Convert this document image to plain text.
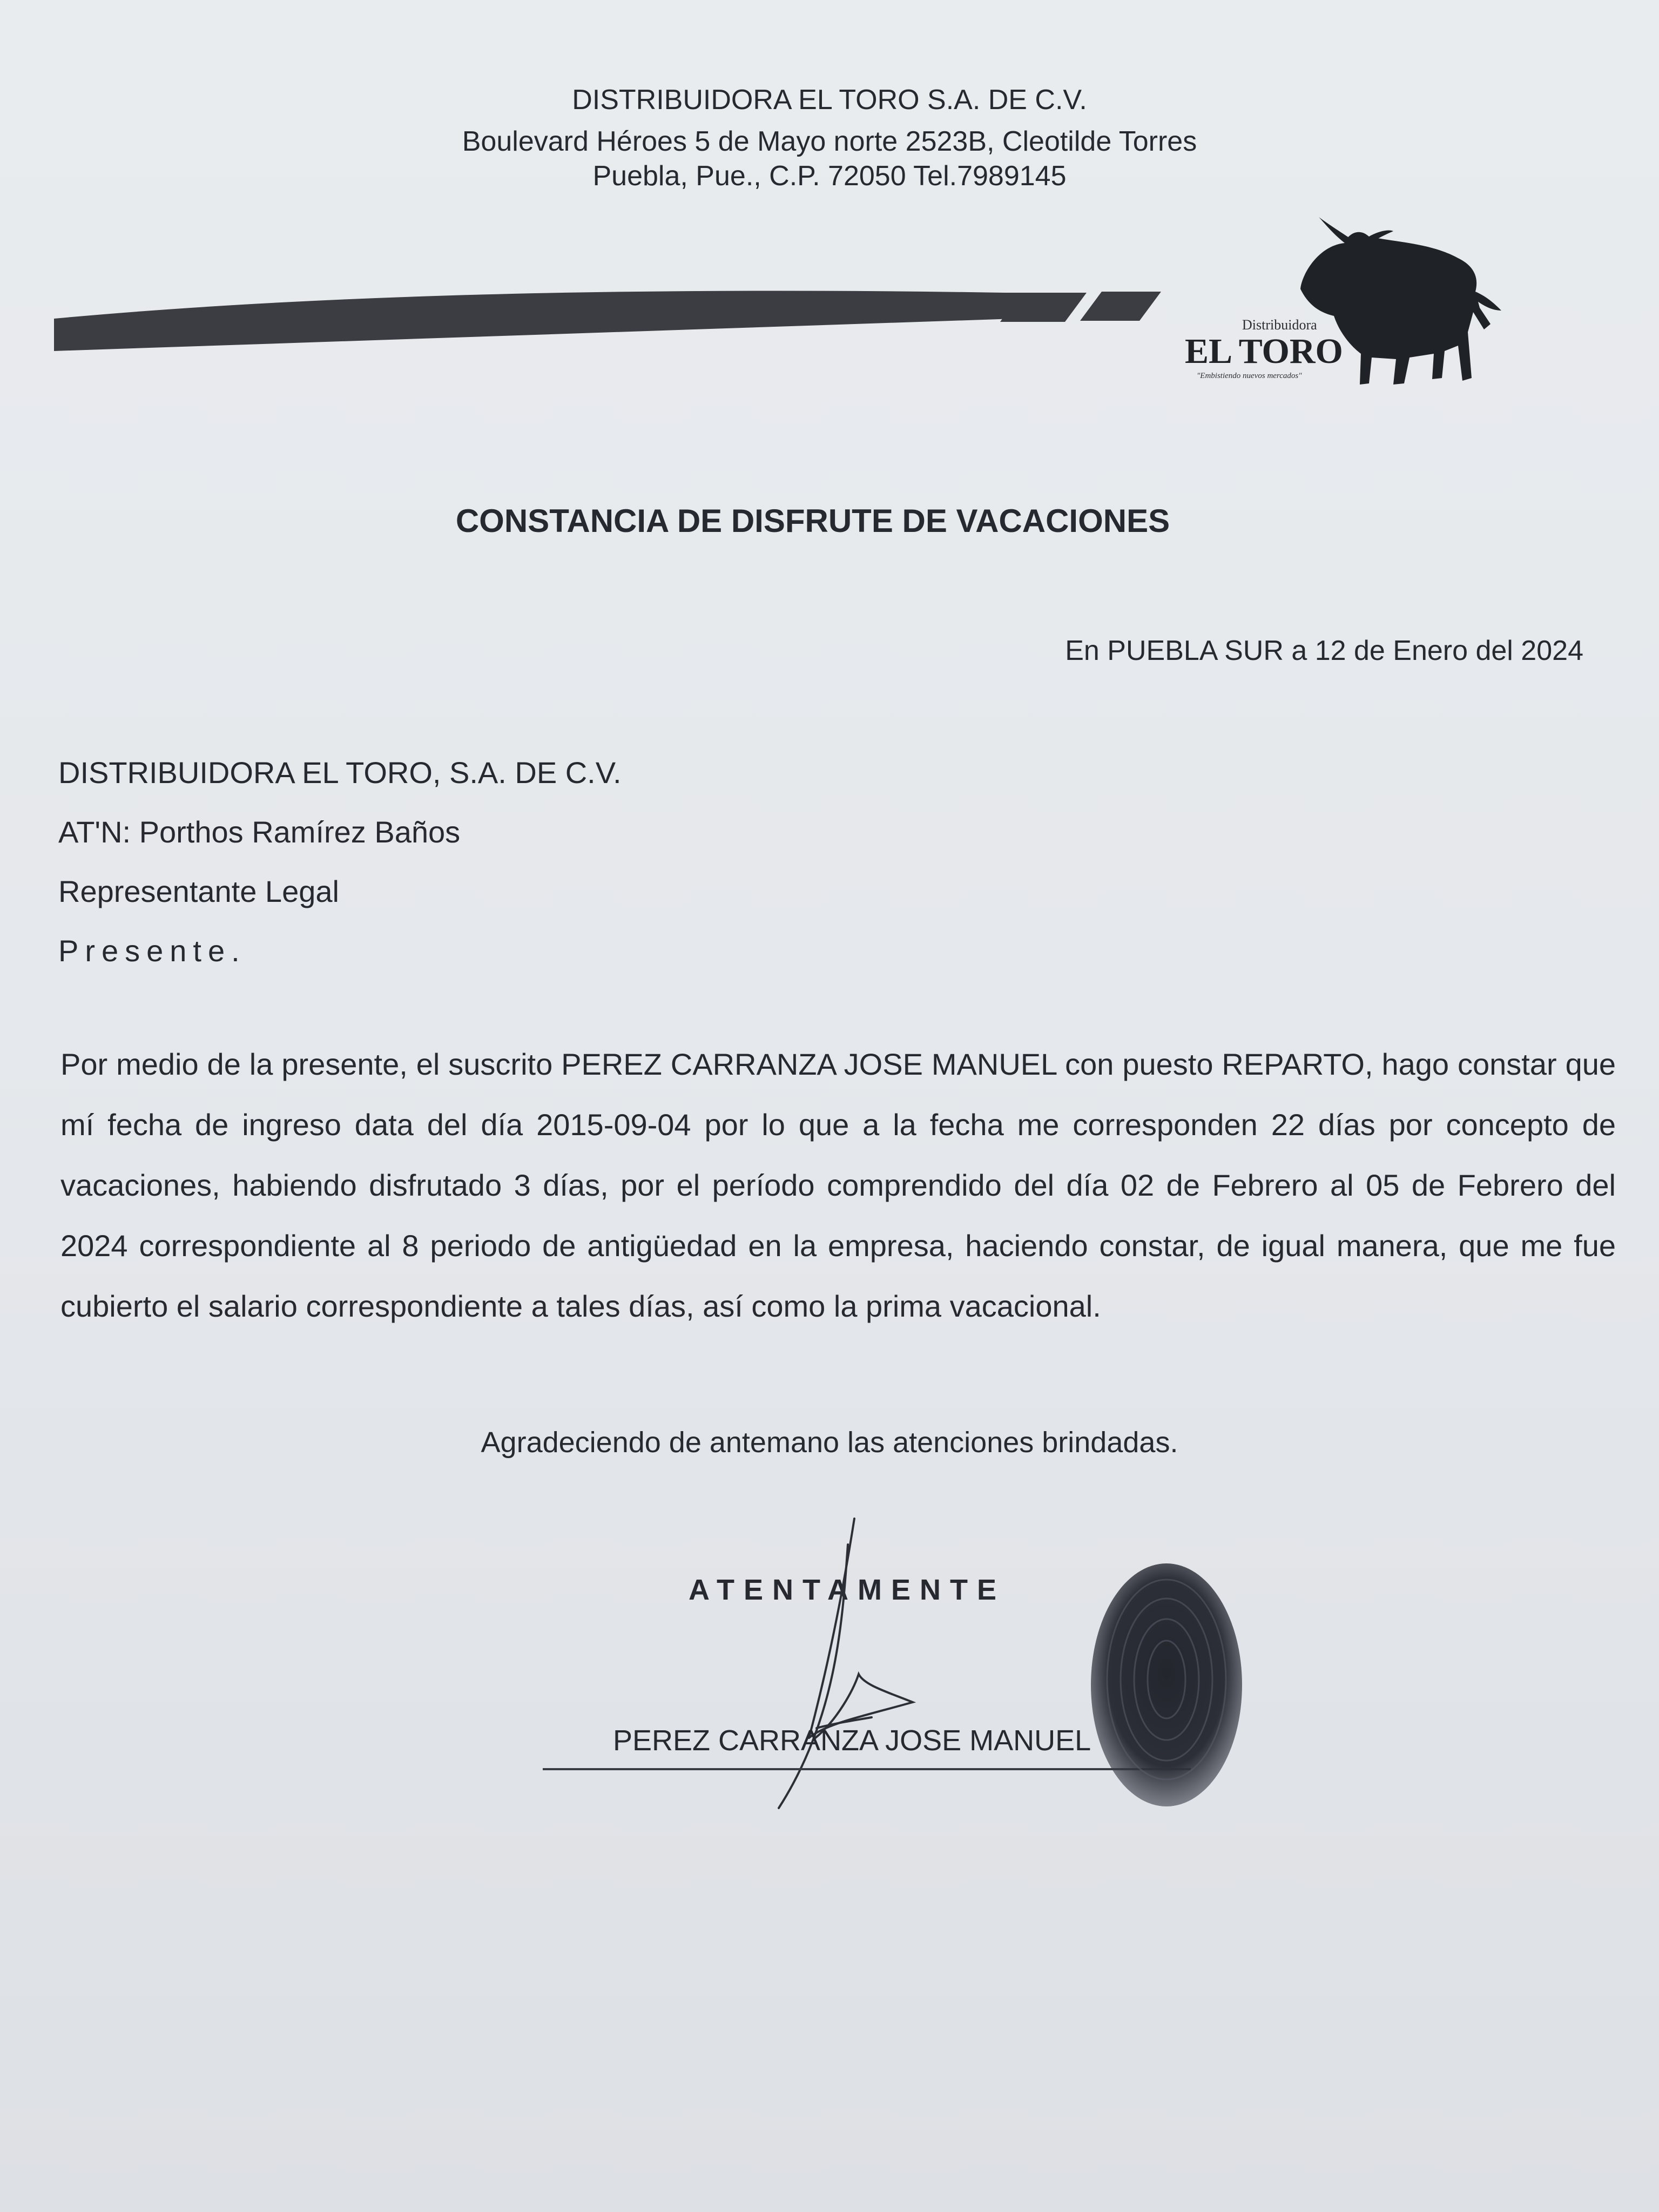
DISTRIBUIDORA EL TORO S.A. DE C.V.

Boulevard Héroes 5 de Mayo norte 2523B, Cleotilde Torres

Puebla, Pue., C.P. 72050 Tel.7989145

Distribuidora
EL TORO
"Embistiendo nuevos mercados"

CONSTANCIA DE DISFRUTE DE VACACIONES

En PUEBLA SUR a 12 de Enero del 2024

DISTRIBUIDORA EL TORO, S.A. DE C.V.

AT'N: Porthos Ramírez Baños

Representante Legal

Presente.

Por medio de la presente, el suscrito PEREZ CARRANZA JOSE MANUEL con puesto REPARTO, hago constar que mí fecha de ingreso data del día 2015-09-04 por lo que a la fecha me corresponden 22 días por concepto de vacaciones, habiendo disfrutado 3 días, por el período comprendido del día 02 de Febrero al 05 de Febrero del 2024 correspondiente al 8 periodo de antigüedad en la empresa, haciendo constar, de igual manera, que me fue cubierto el salario correspondiente a tales días, así como la prima vacacional.

Agradeciendo de antemano las atenciones brindadas.

ATENTAMENTE

PEREZ CARRANZA JOSE MANUEL
